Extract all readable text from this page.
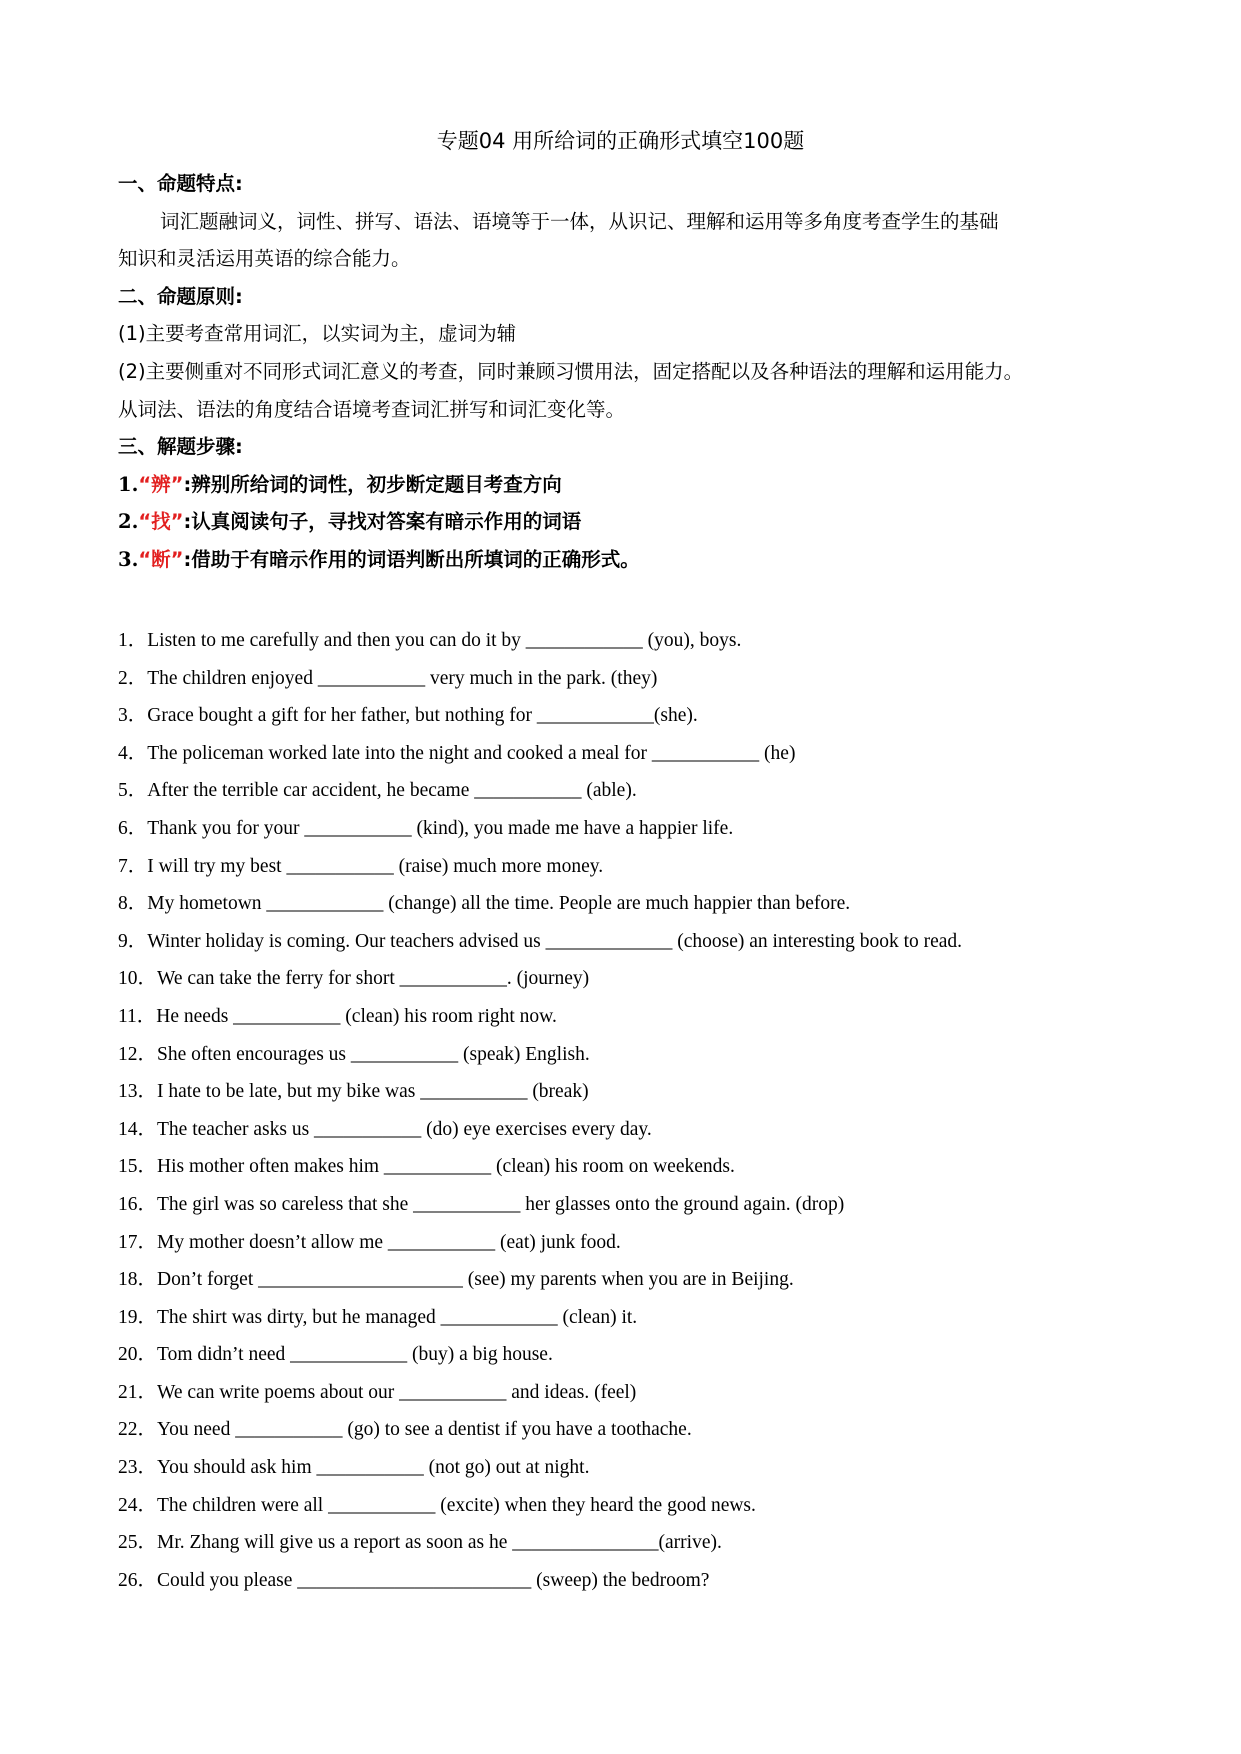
专题04 用所给词的正确形式填空100题
一、命题特点:
词汇题融词义，词性、拼写、语法、语境等于一体，从识记、理解和运用等多角度考查学生的基础
知识和灵活运用英语的综合能力。
二、命题原则:
(1)主要考查常用词汇，以实词为主，虚词为辅
(2)主要侧重对不同形式词汇意义的考查，同时兼顾习惯用法，固定搭配以及各种语法的理解和运用能力。
从词法、语法的角度结合语境考查词汇拼写和词汇变化等。
三、解题步骤:
1.“辨”:辨别所给词的词性，初步断定题目考查方向
2.“找”:认真阅读句子，寻找对答案有暗示作用的词语
3.“断”:借助于有暗示作用的词语判断出所填词的正确形式。
1．Listen to me carefully and then you can do it by ____________ (you), boys.
2．The children enjoyed ___________ very much in the park. (they)
3．Grace bought a gift for her father, but nothing for ____________(she).
4．The policeman worked late into the night and cooked a meal for ___________ (he)
5．After the terrible car accident, he became ___________ (able).
6．Thank you for your ___________ (kind), you made me have a happier life.
7．I will try my best ___________ (raise) much more money.
8．My hometown ____________ (change) all the time. People are much happier than before.
9．Winter holiday is coming. Our teachers advised us _____________ (choose) an interesting book to read.
10．We can take the ferry for short ___________. (journey)
11．He needs ___________ (clean) his room right now.
12．She often encourages us ___________ (speak) English.
13．I hate to be late, but my bike was ___________ (break)
14．The teacher asks us ___________ (do) eye exercises every day.
15．His mother often makes him ___________ (clean) his room on weekends.
16．The girl was so careless that she ___________ her glasses onto the ground again. (drop)
17．My mother doesn’t allow me ___________ (eat) junk food.
18．Don’t forget _____________________ (see) my parents when you are in Beijing.
19．The shirt was dirty, but he managed ____________ (clean) it.
20．Tom didn’t need ____________ (buy) a big house.
21．We can write poems about our ___________ and ideas. (feel)
22．You need ___________ (go) to see a dentist if you have a toothache.
23．You should ask him ___________ (not go) out at night.
24．The children were all ___________ (excite) when they heard the good news.
25．Mr. Zhang will give us a report as soon as he _______________(arrive).
26．Could you please ________________________ (sweep) the bedroom?
